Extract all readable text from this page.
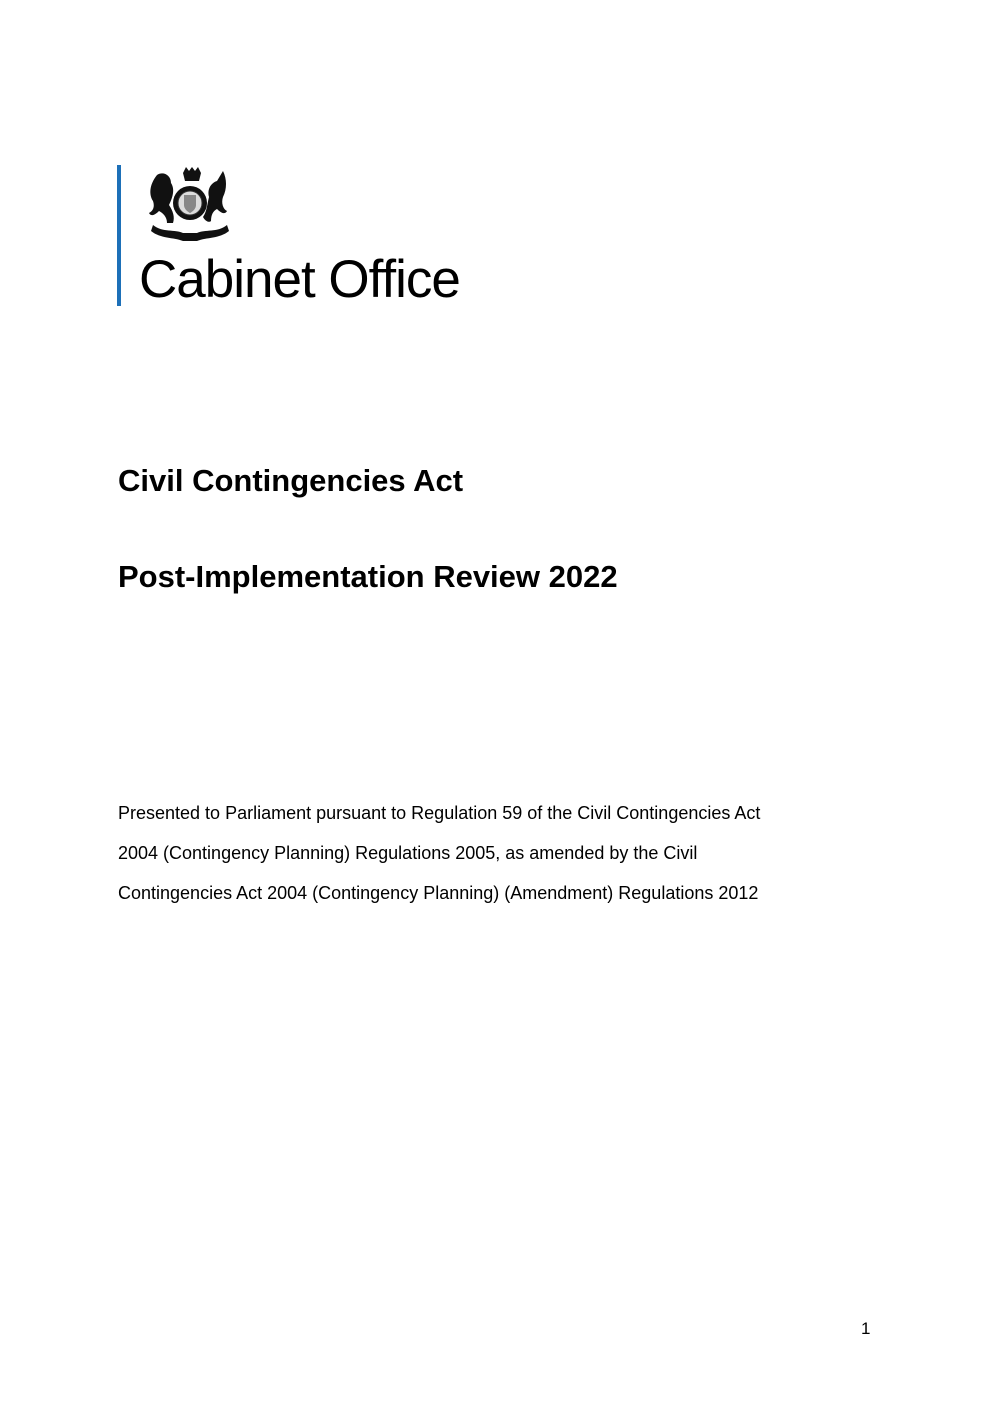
Cabinet Office
Civil Contingencies Act
Post-Implementation Review 2022
Presented to Parliament pursuant to Regulation 59 of the Civil Contingencies Act
2004 (Contingency Planning) Regulations 2005, as amended by the Civil
Contingencies Act 2004 (Contingency Planning) (Amendment) Regulations 2012
1
